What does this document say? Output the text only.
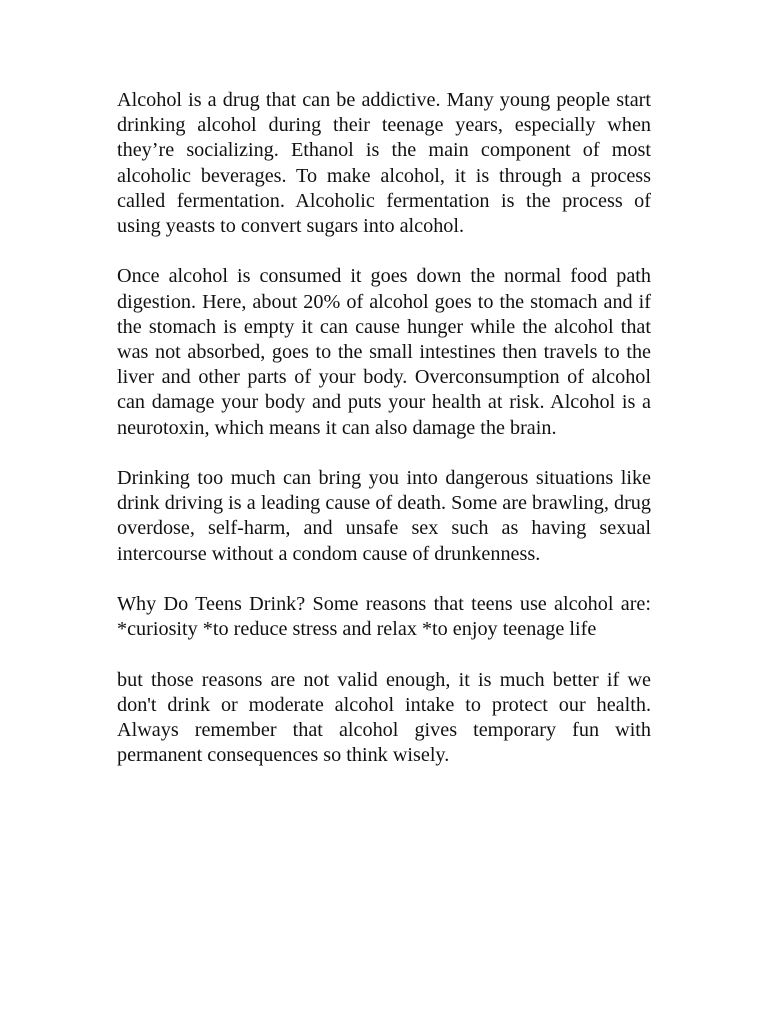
Alcohol is a drug that can be addictive. Many young people start drinking alcohol during their teenage years, especially when they’re socializing. Ethanol is the main component of most alcoholic beverages. To make alcohol, it is through a process called fermentation. Alcoholic fermentation is the process of using yeasts to convert sugars into alcohol.

Once alcohol is consumed it goes down the normal food path digestion. Here, about 20% of alcohol goes to the stomach and if the stomach is empty it can cause hunger while the alcohol that was not absorbed, goes to the small intestines then travels to the liver and other parts of your body. Overconsumption of alcohol can damage your body and puts your health at risk. Alcohol is a neurotoxin, which means it can also damage the brain.

Drinking too much can bring you into dangerous situations like drink driving is a leading cause of death. Some are brawling, drug overdose, self-harm, and unsafe sex such as having sexual intercourse without a condom cause of drunkenness.

Why Do Teens Drink? Some reasons that teens use alcohol are: *curiosity *to reduce stress and relax *to enjoy teenage life

but those reasons are not valid enough, it is much better if we don't drink or moderate alcohol intake to protect our health. Always remember that alcohol gives temporary fun with permanent consequences so think wisely.
